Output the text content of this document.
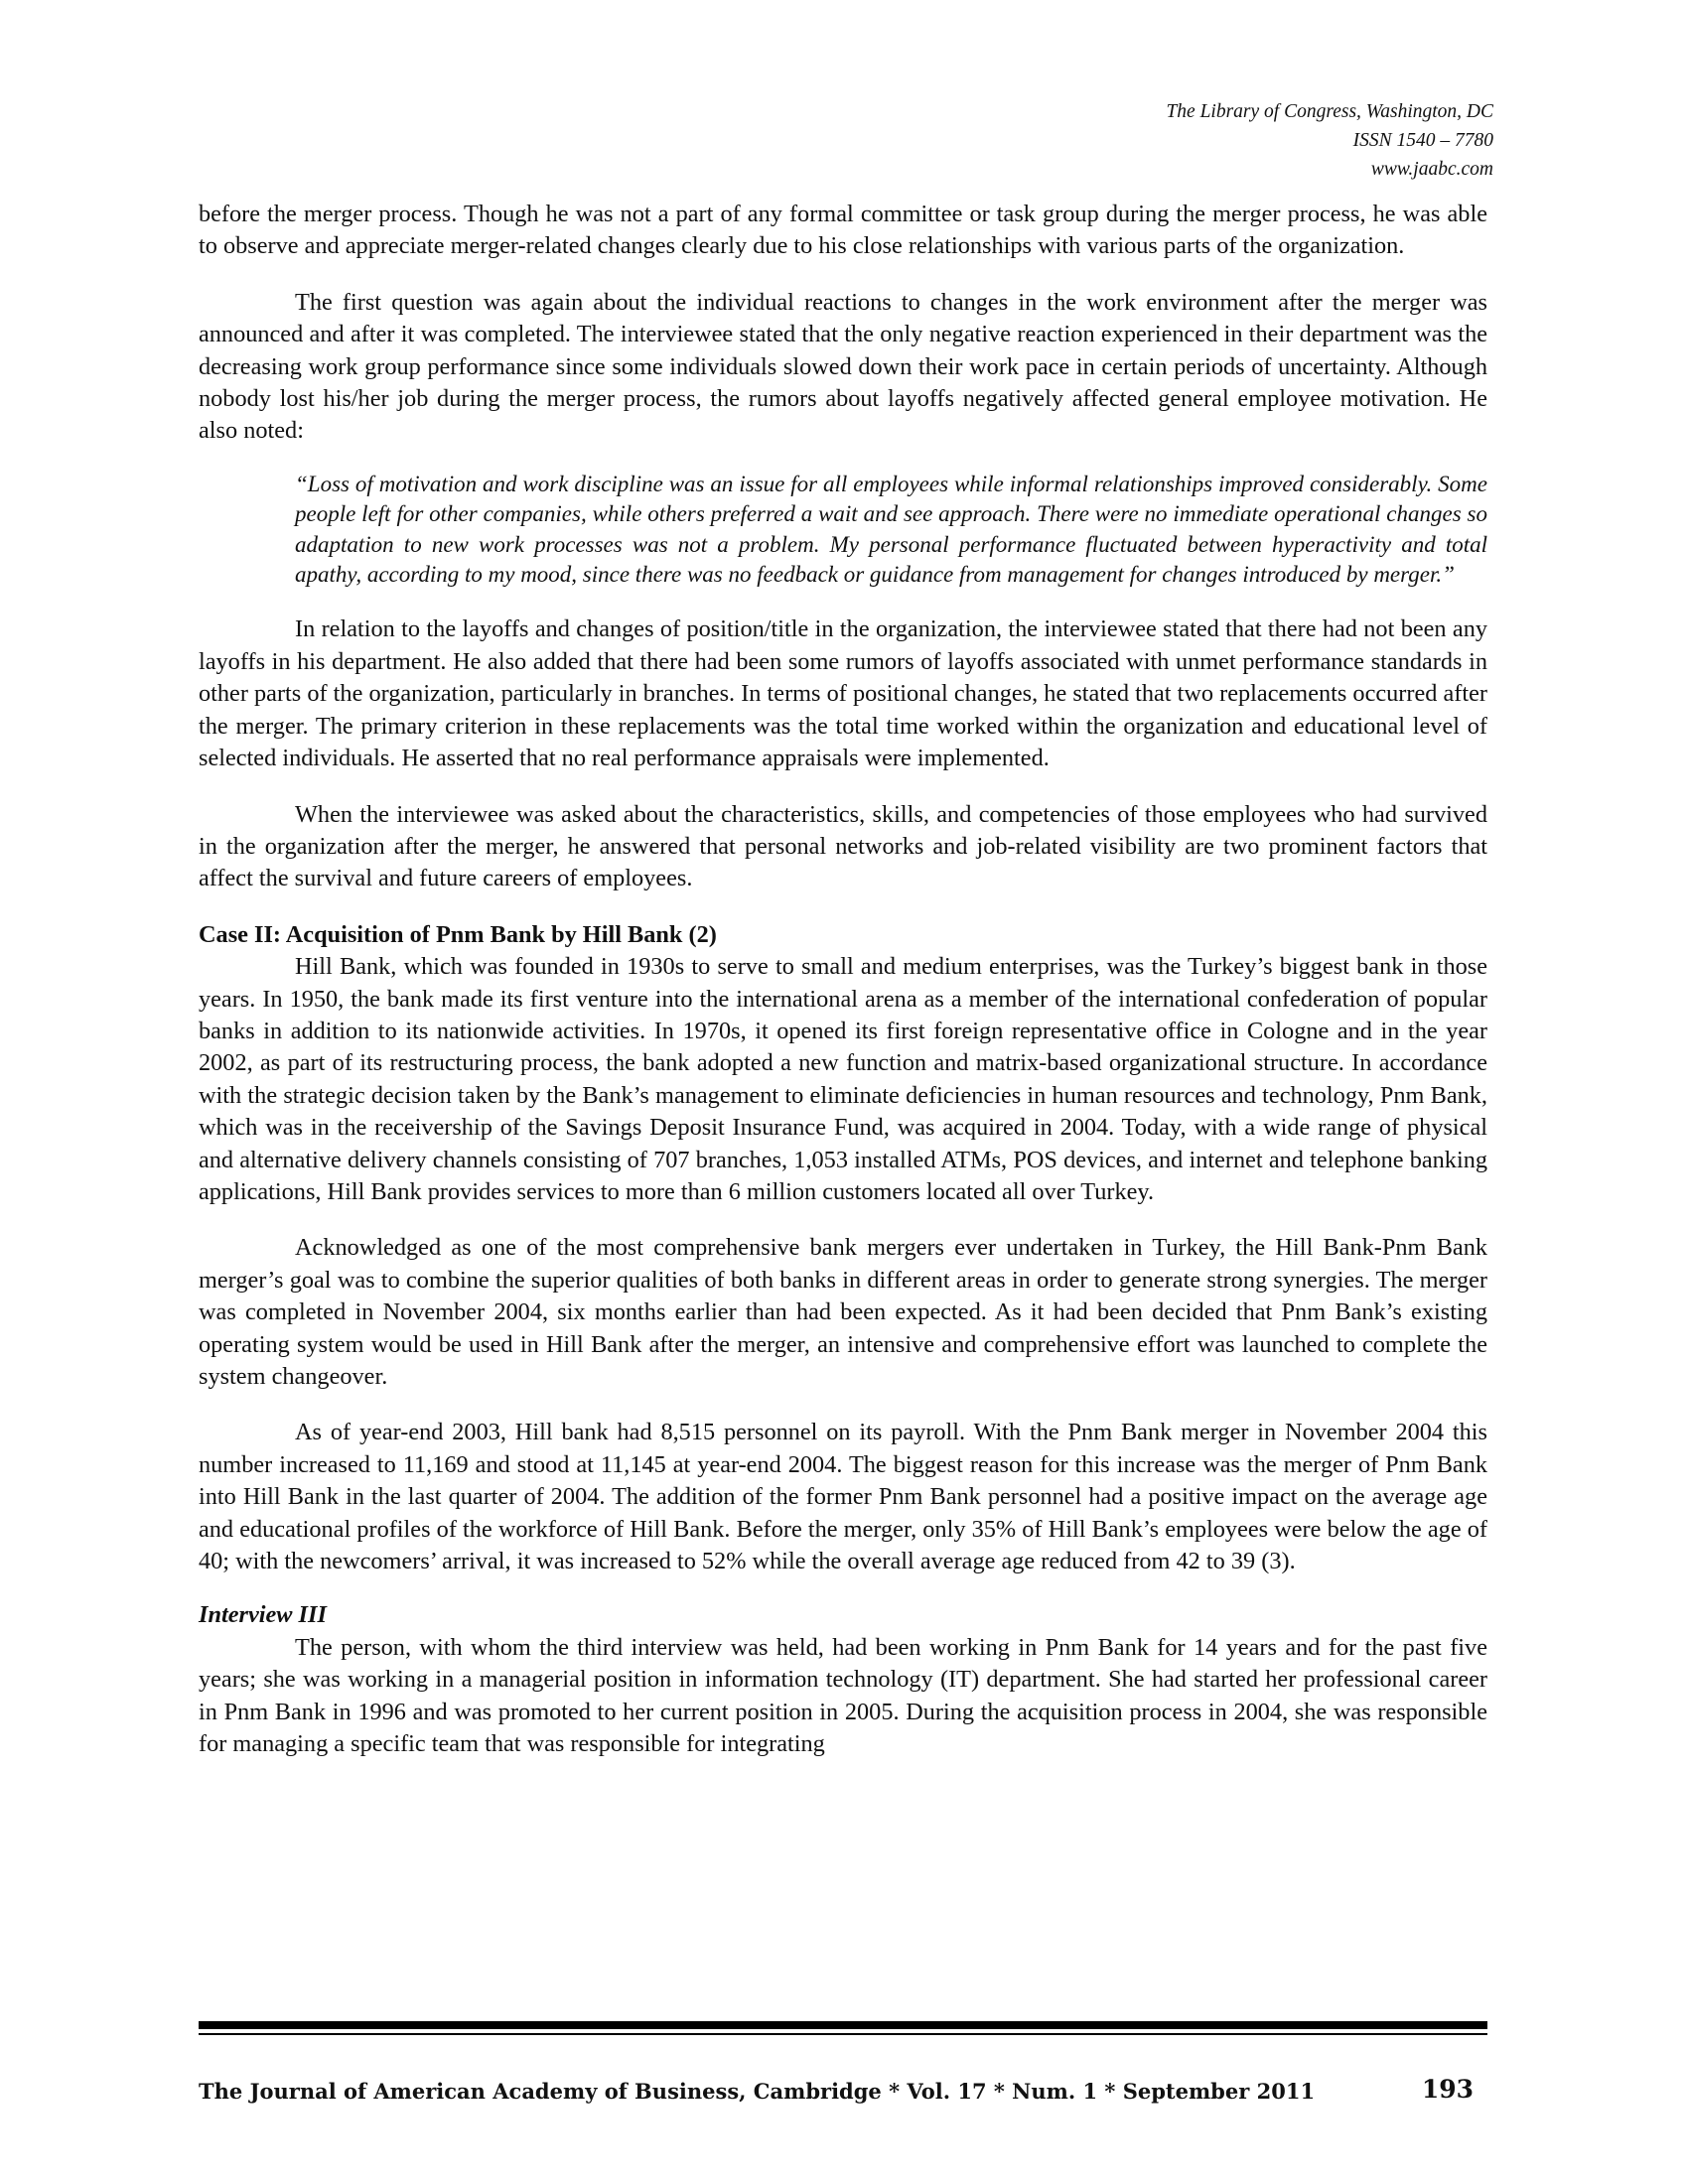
The Library of Congress, Washington, DC
ISSN 1540 – 7780
www.jaabc.com

before the merger process. Though he was not a part of any formal committee or task group during the merger process, he was able to observe and appreciate merger-related changes clearly due to his close relationships with various parts of the organization.

The first question was again about the individual reactions to changes in the work environment after the merger was announced and after it was completed. The interviewee stated that the only negative reaction experienced in their department was the decreasing work group performance since some individuals slowed down their work pace in certain periods of uncertainty. Although nobody lost his/her job during the merger process, the rumors about layoffs negatively affected general employee motivation. He also noted:

“Loss of motivation and work discipline was an issue for all employees while informal relationships improved considerably. Some people left for other companies, while others preferred a wait and see approach. There were no immediate operational changes so adaptation to new work processes was not a problem. My personal performance fluctuated between hyperactivity and total apathy, according to my mood, since there was no feedback or guidance from management for changes introduced by merger.”

In relation to the layoffs and changes of position/title in the organization, the interviewee stated that there had not been any layoffs in his department. He also added that there had been some rumors of layoffs associated with unmet performance standards in other parts of the organization, particularly in branches. In terms of positional changes, he stated that two replacements occurred after the merger. The primary criterion in these replacements was the total time worked within the organization and educational level of selected individuals. He asserted that no real performance appraisals were implemented.

When the interviewee was asked about the characteristics, skills, and competencies of those employees who had survived in the organization after the merger, he answered that personal networks and job-related visibility are two prominent factors that affect the survival and future careers of employees.

Case II: Acquisition of Pnm Bank by Hill Bank (2)

Hill Bank, which was founded in 1930s to serve to small and medium enterprises, was the Turkey’s biggest bank in those years. In 1950, the bank made its first venture into the international arena as a member of the international confederation of popular banks in addition to its nationwide activities. In 1970s, it opened its first foreign representative office in Cologne and in the year 2002, as part of its restructuring process, the bank adopted a new function and matrix-based organizational structure. In accordance with the strategic decision taken by the Bank’s management to eliminate deficiencies in human resources and technology, Pnm Bank, which was in the receivership of the Savings Deposit Insurance Fund, was acquired in 2004. Today, with a wide range of physical and alternative delivery channels consisting of 707 branches, 1,053 installed ATMs, POS devices, and internet and telephone banking applications, Hill Bank provides services to more than 6 million customers located all over Turkey.

Acknowledged as one of the most comprehensive bank mergers ever undertaken in Turkey, the Hill Bank-Pnm Bank merger’s goal was to combine the superior qualities of both banks in different areas in order to generate strong synergies. The merger was completed in November 2004, six months earlier than had been expected. As it had been decided that Pnm Bank’s existing operating system would be used in Hill Bank after the merger, an intensive and comprehensive effort was launched to complete the system changeover.

As of year-end 2003, Hill bank had 8,515 personnel on its payroll. With the Pnm Bank merger in November 2004 this number increased to 11,169 and stood at 11,145 at year-end 2004. The biggest reason for this increase was the merger of Pnm Bank into Hill Bank in the last quarter of 2004. The addition of the former Pnm Bank personnel had a positive impact on the average age and educational profiles of the workforce of Hill Bank. Before the merger, only 35% of Hill Bank’s employees were below the age of 40; with the newcomers’ arrival, it was increased to 52% while the overall average age reduced from 42 to 39 (3).

Interview III

The person, with whom the third interview was held, had been working in Pnm Bank for 14 years and for the past five years; she was working in a managerial position in information technology (IT) department. She had started her professional career in Pnm Bank in 1996 and was promoted to her current position in 2005. During the acquisition process in 2004, she was responsible for managing a specific team that was responsible for integrating

The Journal of American Academy of Business, Cambridge * Vol. 17 * Num. 1 * September 2011	193
